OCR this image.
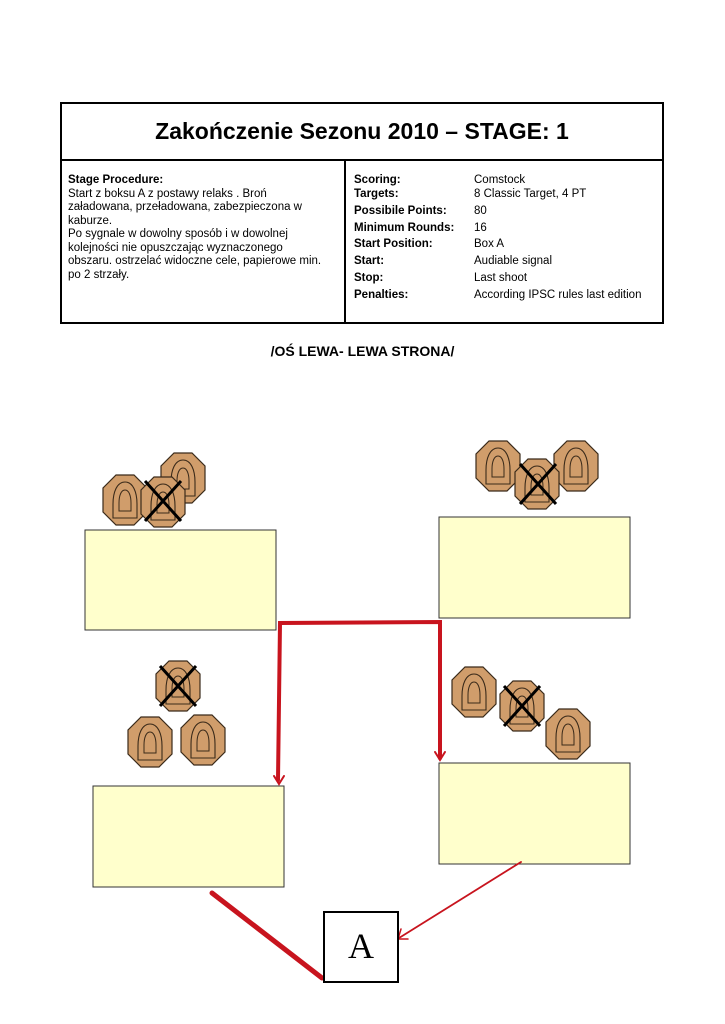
Zakończenie Sezonu 2010 – STAGE: 1
Stage Procedure:
Start z boksu A z postawy relaks . Broń
załadowana, przeładowana, zabezpieczona w
kaburze.
Po sygnale w dowolny sposób i w dowolnej
kolejności nie opuszczając wyznaczonego
obszaru. ostrzelać widoczne cele, papierowe min.
po 2 strzały.
Scoring:	Comstock
Targets:	8 Classic Target, 4 PT
Possibile Points:	80
Minimum Rounds:	16
Start Position:	Box A
Start:	Audiable signal
Stop:	Last shoot
Penalties:	According IPSC rules last edition
/OŚ LEWA- LEWA STRONA/
A
